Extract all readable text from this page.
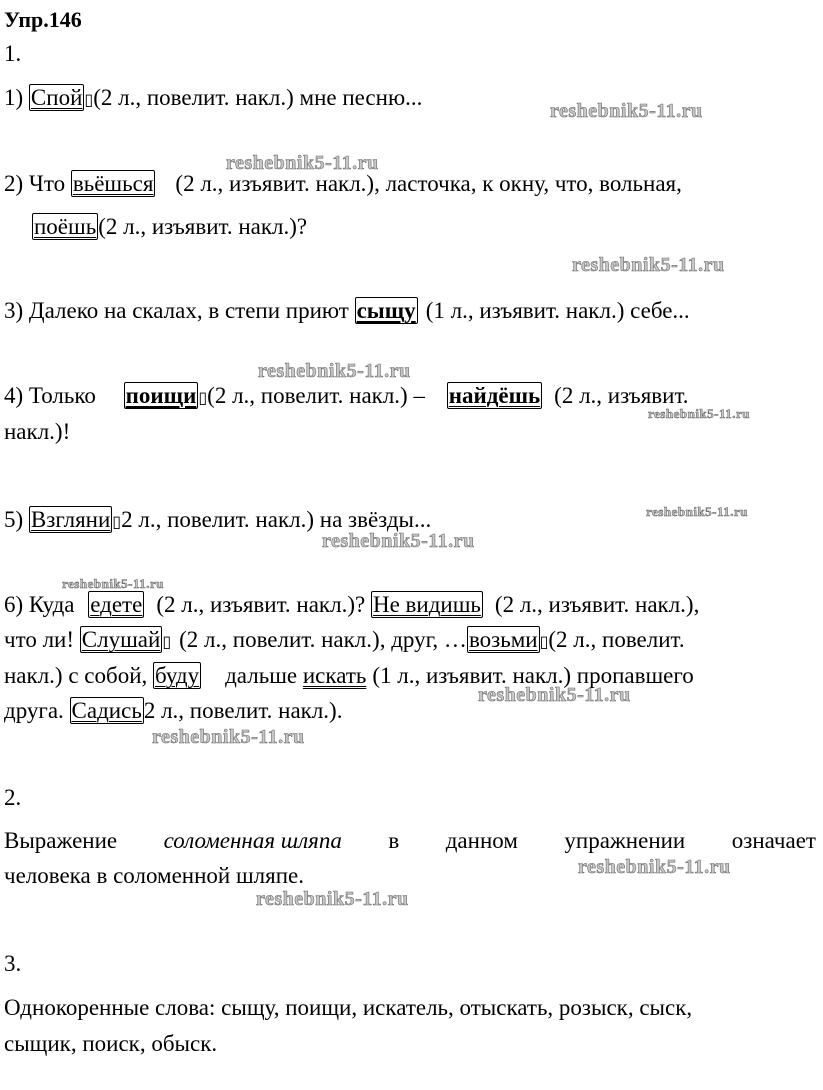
Упр.146
1.
1) Спой ▯(2 л., повелит. накл.) мне песню...
2) Что вьёшься (2 л., изъявит. накл.), ласточка, к окну, что, вольная,
поёшь(2 л., изъявит. накл.)?
3) Далеко на скалах, в степи приют сыщу (1 л., изъявит. накл.) себе...
4) Только поищи ▯(2 л., повелит. накл.) – найдёшь (2 л., изъявит.
накл.)!
5) Взгляни ▯2 л., повелит. накл.) на звёзды...
6) Куда едете (2 л., изъявит. накл.)? Не видишь (2 л., изъявит. накл.),
что ли! Слушай ▯ (2 л., повелит. накл.), друг, …возьми ▯(2 л., повелит.
накл.) с собой, буду дальше искать (1 л., изъявит. накл.) пропавшего
друга. Садись2 л., повелит. накл.).
2.
Выражение соломенная шляпа в данном упражнении означает
человека в соломенной шляпе.
3.
Однокоренные слова: сыщу, поищи, искатель, отыскать, розыск, сыск,
сыщик, поиск, обыск.
reshebnik5-11.ru
reshebnik5-11.ru
reshebnik5-11.ru
reshebnik5-11.ru
reshebnik5-11.ru
reshebnik5-11.ru
reshebnik5-11.ru
reshebnik5-11.ru
reshebnik5-11.ru
reshebnik5-11.ru
reshebnik5-11.ru
reshebnik5-11.ru
